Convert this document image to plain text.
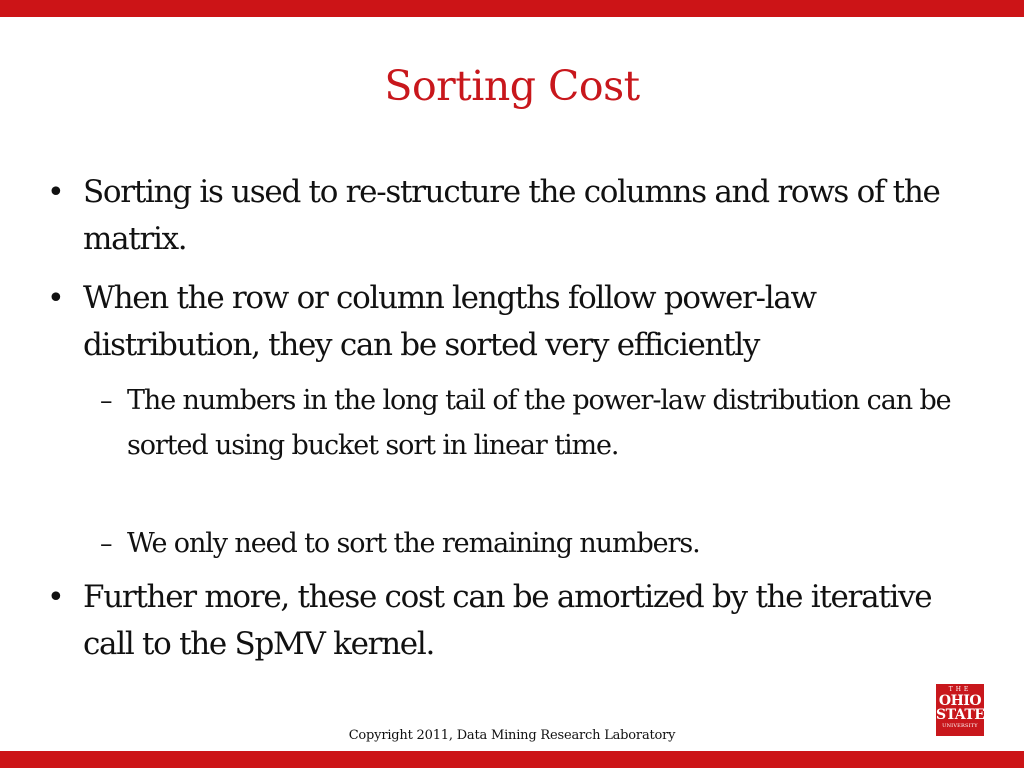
Sorting Cost
• Sorting is used to re-structure the columns and rows of the matrix.
• When the row or column lengths follow power-law distribution, they can be sorted very efficiently
– The numbers in the long tail of the power-law distribution can be sorted using bucket sort in linear time.
– We only need to sort the remaining numbers.
• Further more, these cost can be amortized by the iterative call to the SpMV kernel.
THE
OHIO
STATE
UNIVERSITY
Copyright 2011, Data Mining Research Laboratory
